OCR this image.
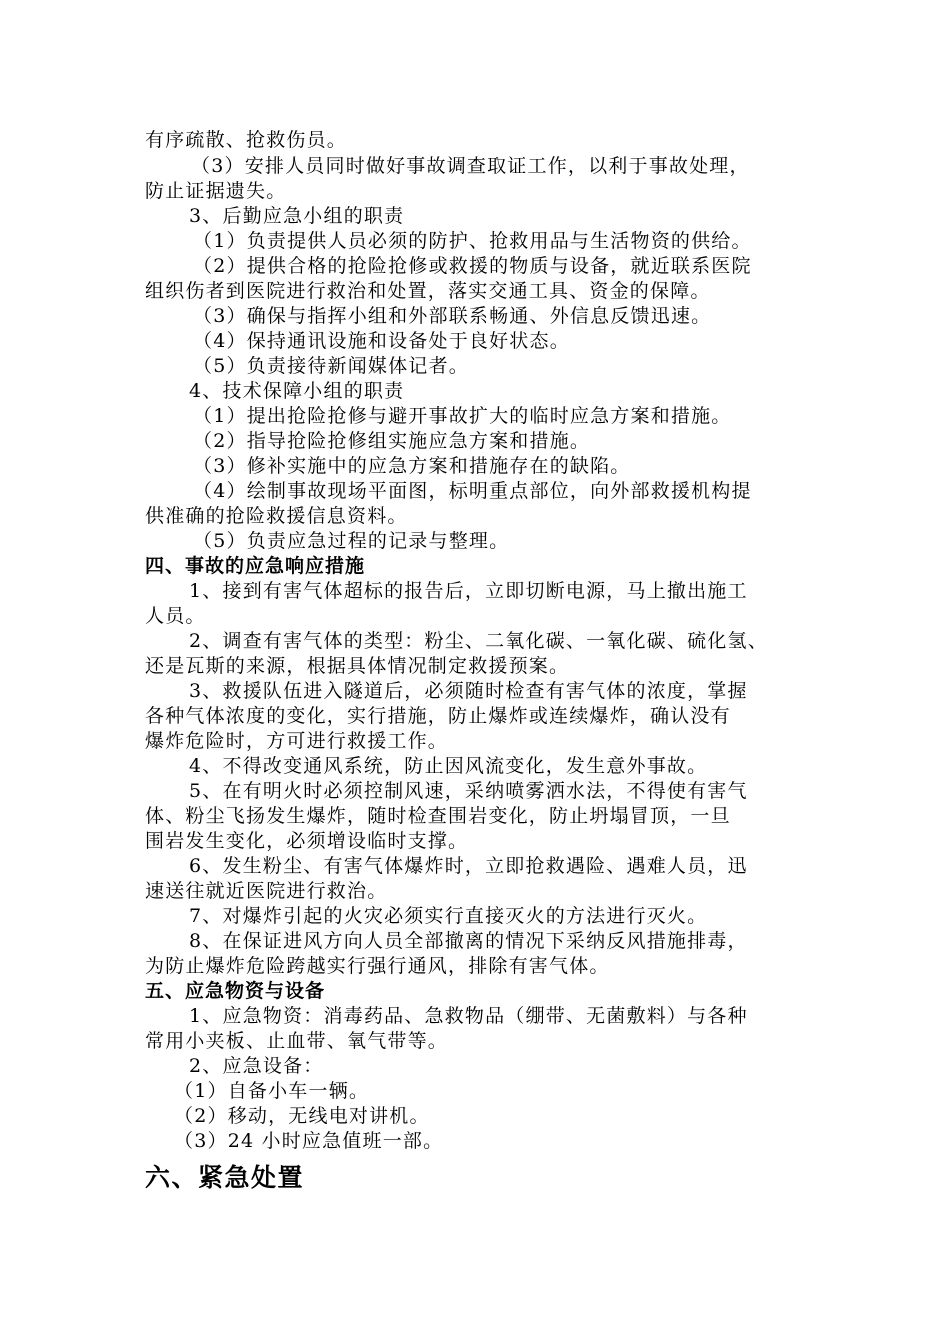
有序疏散、抢救伤员。
（3）安排人员同时做好事故调查取证工作，以利于事故处理，
防止证据遗失。
3、后勤应急小组的职责
（1）负责提供人员必须的防护、抢救用品与生活物资的供给。
（2）提供合格的抢险抢修或救援的物质与设备，就近联系医院
组织伤者到医院进行救治和处置，落实交通工具、资金的保障。
（3）确保与指挥小组和外部联系畅通、外信息反馈迅速。
（4）保持通讯设施和设备处于良好状态。
（5）负责接待新闻媒体记者。
4、技术保障小组的职责
（1）提出抢险抢修与避开事故扩大的临时应急方案和措施。
（2）指导抢险抢修组实施应急方案和措施。
（3）修补实施中的应急方案和措施存在的缺陷。
（4）绘制事故现场平面图，标明重点部位，向外部救援机构提
供准确的抢险救援信息资料。
（5）负责应急过程的记录与整理。
四、事故的应急响应措施
1、接到有害气体超标的报告后，立即切断电源，马上撤出施工
人员。
2、调查有害气体的类型：粉尘、二氧化碳、一氧化碳、硫化氢、
还是瓦斯的来源，根据具体情况制定救援预案。
3、救援队伍进入隧道后，必须随时检查有害气体的浓度，掌握
各种气体浓度的变化，实行措施，防止爆炸或连续爆炸，确认没有
爆炸危险时，方可进行救援工作。
4、不得改变通风系统，防止因风流变化，发生意外事故。
5、在有明火时必须控制风速，采纳喷雾洒水法，不得使有害气
体、粉尘飞扬发生爆炸，随时检查围岩变化，防止坍塌冒顶，一旦
围岩发生变化，必须增设临时支撑。
6、发生粉尘、有害气体爆炸时，立即抢救遇险、遇难人员，迅
速送往就近医院进行救治。
7、对爆炸引起的火灾必须实行直接灭火的方法进行灭火。
8、在保证进风方向人员全部撤离的情况下采纳反风措施排毒，
为防止爆炸危险跨越实行强行通风，排除有害气体。
五、应急物资与设备
1、应急物资：消毒药品、急救物品（绷带、无菌敷料）与各种
常用小夹板、止血带、氧气带等。
2、应急设备：
（1）自备小车一辆。
（2）移动，无线电对讲机。
（3）24 小时应急值班一部。
六、紧急处置
